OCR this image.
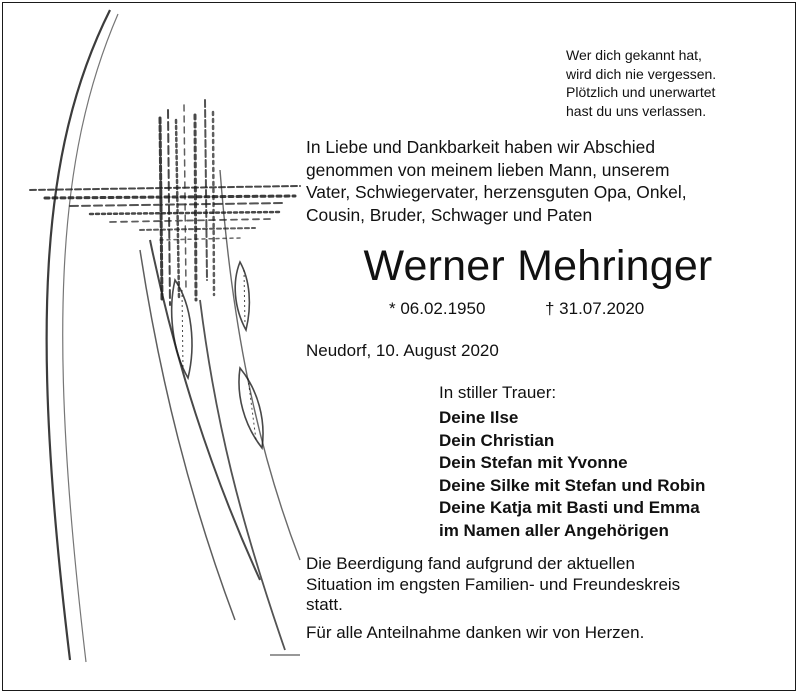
Wer dich gekannt hat,
wird dich nie vergessen.
Plötzlich und unerwartet
hast du uns verlassen.
In Liebe und Dankbarkeit haben wir Abschied
genommen von meinem lieben Mann, unserem
Vater, Schwiegervater, herzensguten Opa, Onkel,
Cousin, Bruder, Schwager und Paten
Werner Mehringer
* 06.02.1950	† 31.07.2020
Neudorf, 10. August 2020
In stiller Trauer:
Deine Ilse
Dein Christian
Dein Stefan mit Yvonne
Deine Silke mit Stefan und Robin
Deine Katja mit Basti und Emma
im Namen aller Angehörigen
Die Beerdigung fand aufgrund der aktuellen
Situation im engsten Familien- und Freundeskreis
statt.
Für alle Anteilnahme danken wir von Herzen.
